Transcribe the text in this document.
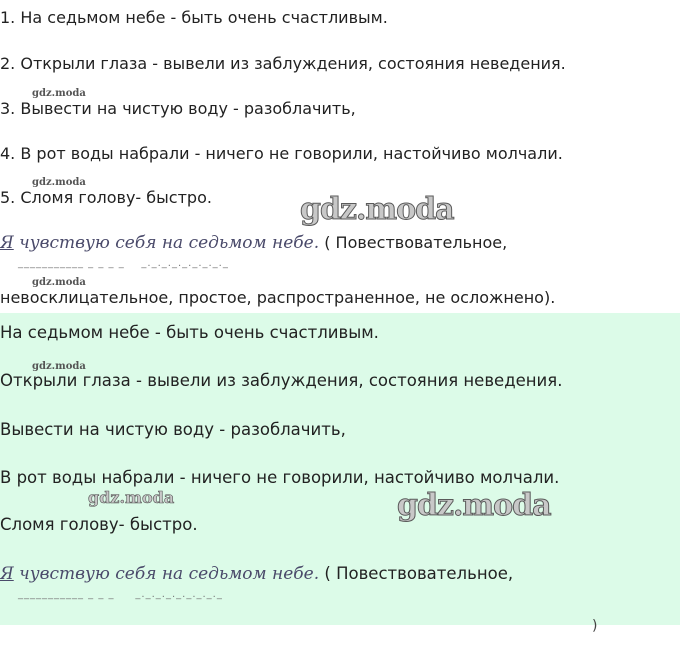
1. На седьмом небе - быть очень счастливым.
2. Открыли глаза - вывели из заблуждения, состояния неведения.
gdz.moda
3. Вывести на чистую воду - разоблачить,
4. В рот воды набрали - ничего не говорили, настойчиво молчали.
gdz.moda
5. Сломя голову- быстро.	gdz.moda
Я чувствую себя на седьмом небе. ( Повествовательное,
___________ _ _ _ _    _._._._._._._._._
gdz.moda
невосклицательное, простое, распространенное, не осложнено).
На седьмом небе - быть очень счастливым.
gdz.moda
Открыли глаза - вывели из заблуждения, состояния неведения.
Вывести на чистую воду - разоблачить,
В рот воды набрали - ничего не говорили, настойчиво молчали.
gdz.moda	gdz.moda
Сломя голову- быстро.
Я чувствую себя на седьмом небе. ( Повествовательное,
___________ _ _ _     _._._._._._._._._
)
